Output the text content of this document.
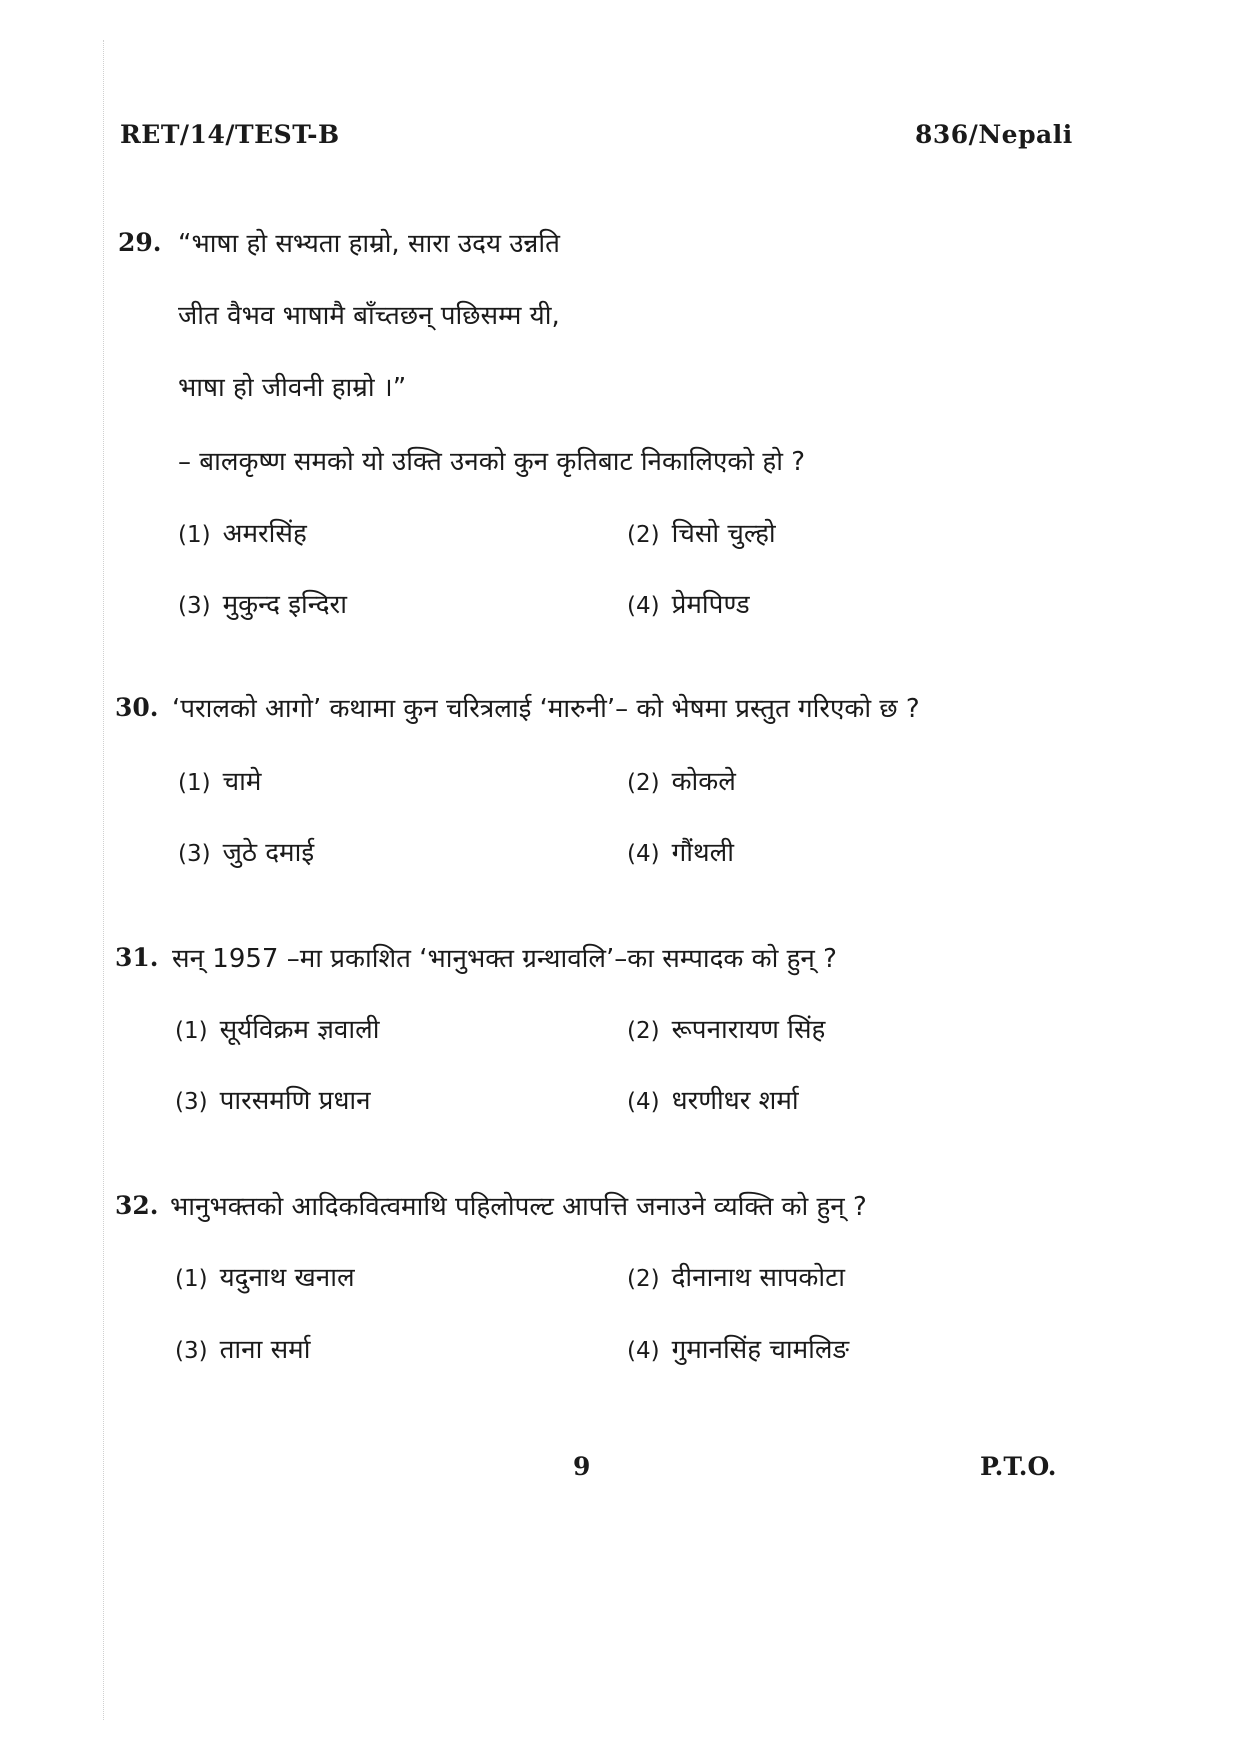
RET/14/TEST-B	836/Nepali
29. “भाषा हो सभ्यता हाम्रो, सारा उदय उन्नति
जीत वैभव भाषामै बाँच्तछन् पछिसम्म यी,
भाषा हो जीवनी हाम्रो ।”
– बालकृष्ण समको यो उक्ति उनको कुन कृतिबाट निकालिएको हो ?
(1) अमरसिंह	(2) चिसो चुल्हो
(3) मुकुन्द इन्दिरा	(4) प्रेमपिण्ड
30. ‘परालको आगो’ कथामा कुन चरित्रलाई ‘मारुनी’– को भेषमा प्रस्तुत गरिएको छ ?
(1) चामे	(2) कोकले
(3) जुठे दमाई	(4) गौंथली
31. सन् 1957 –मा प्रकाशित ‘भानुभक्त ग्रन्थावलि’–का सम्पादक को हुन् ?
(1) सूर्यविक्रम ज्ञवाली	(2) रूपनारायण सिंह
(3) पारसमणि प्रधान	(4) धरणीधर शर्मा
32. भानुभक्तको आदिकवित्वमाथि पहिलोपल्ट आपत्ति जनाउने व्यक्ति को हुन् ?
(1) यदुनाथ खनाल	(2) दीनानाथ सापकोटा
(3) ताना सर्मा	(4) गुमानसिंह चामलिङ
9	P.T.O.
